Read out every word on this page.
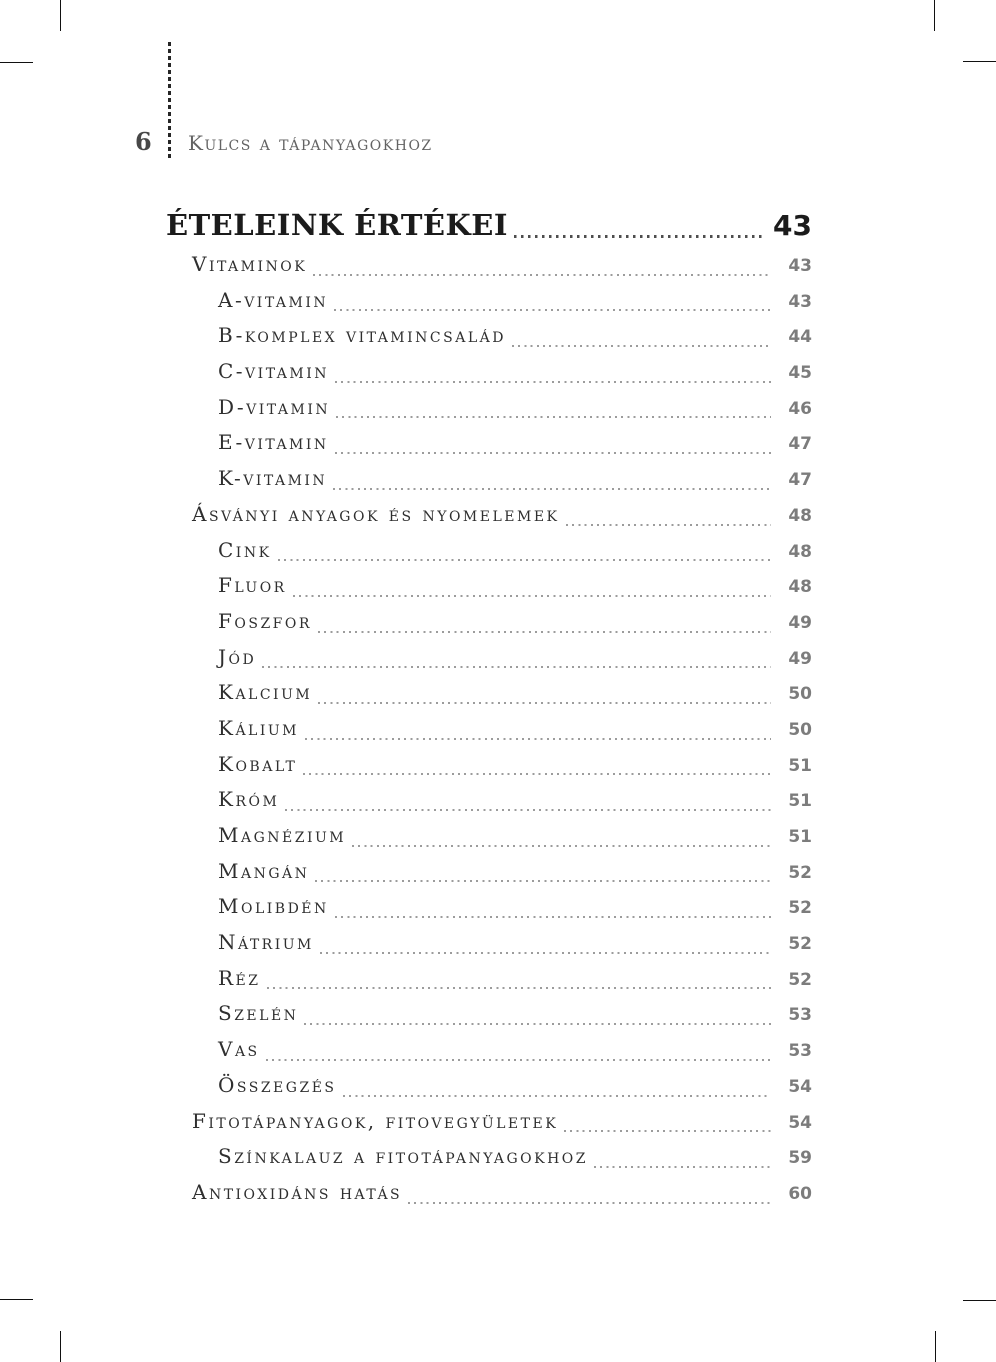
6 Kulcs a tápanyagokhoz
ÉTELEINK ÉRTÉKEI	43
Vitaminok	43
A-vitamin	43
B-komplex vitamincsalád	44
C-vitamin	45
D-vitamin	46
E-vitamin	47
K-vitamin	47
Ásványi anyagok és nyomelemek	48
Cink	48
Fluor	48
Foszfor	49
Jód	49
Kalcium	50
Kálium	50
Kobalt	51
Króm	51
Magnézium	51
Mangán	52
Molibdén	52
Nátrium	52
Réz	52
Szelén	53
Vas	53
Összegzés	54
Fitotápanyagok, fitovegyületek	54
Színkalauz a fitotápanyagokhoz	59
Antioxidáns hatás	60
